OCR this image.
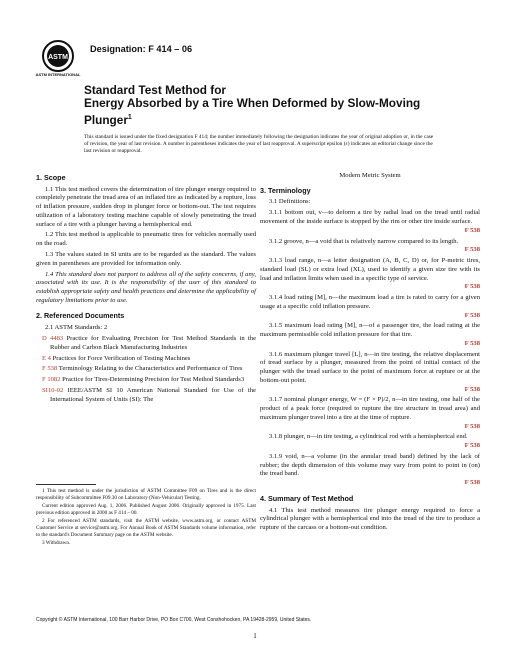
ASTM
ASTM INTERNATIONAL
Designation: F 414 – 06
Standard Test Method for
Energy Absorbed by a Tire When Deformed by Slow-Moving
Plunger$^1$
This standard is issued under the fixed designation F 414; the number immediately following the designation indicates the year of original adoption or, in the case of revision, the year of last revision. A number in parentheses indicates the year of last reapproval. A superscript epsilon (ε) indicates an editorial change since the last revision or reapproval.
1. Scope

1.1 This test method covers the determination of tire plunger energy required to completely penetrate the tread area of an inflated tire as indicated by a rupture, loss of inflation pressure, sudden drop in plunger force or bottom-out. The test requires utilization of a laboratory testing machine capable of slowly penetrating the tread surface of a tire with a plunger having a hemispherical end.

1.2 This test method is applicable to pneumatic tires for vehicles normally used on the road.

1.3 The values stated in SI units are to be regarded as the standard. The values given in parentheses are provided for information only.

1.4 This standard does not purport to address all of the safety concerns, if any, associated with its use. It is the responsibility of the user of this standard to establish appropriate safety and health practices and determine the applicability of regulatory limitations prior to use.

2. Referenced Documents

2.1 ASTM Standards: 2

D 4483 Practice for Evaluating Precision for Test Method Standards in the Rubber and Carbon Black Manufacturing Industries

E 4 Practices for Force Verification of Testing Machines

F 538 Terminology Relating to the Characteristics and Performance of Tires

F 1082 Practice for Tires-Determining Precision for Test Method Standards3

SI10-02 IEEE/ASTM SI 10 American National Standard for Use of the International System of Units (SI): The

Modern Metric System

3. Terminology

3.1 Definitions:

3.1.1 bottom out, v—to deform a tire by radial load on the tread until radial movement of the inside surface is stopped by the rim or other tire inside surface.
F 538

3.1.2 groove, n—a void that is relatively narrow compared to its length.
F 538

3.1.3 load range, n—a letter designation (A, B, C, D) or, for P-metric tires, standard load (SL) or extra load (XL), used to identify a given size tire with its load and inflation limits when used in a specific type of service.
F 538

3.1.4 load rating [M], n—the maximum load a tire is rated to carry for a given usage at a specific cold inflation pressure.
F 538

3.1.5 maximum load rating [M], n—of a passenger tire, the load rating at the maximum permissible cold inflation pressure for that tire.
F 538

3.1.6 maximum plunger travel [L], n—in tire testing, the relative displacement of tread surface by a plunger, measured from the point of initial contact of the plunger with the tread surface to the point of maximum force at rupture or at the bottom-out point.
F 538

3.1.7 nominal plunger energy, W = (F × P)/2, n—in tire testing, one half of the product of a peak force (required to rupture the tire structure in tread area) and maximum plunger travel into a tire at the time of rupture.
F 538

3.1.8 plunger, n—in tire testing, a cylindrical rod with a hemispherical end.
F 538

3.1.9 void, n—a volume (in the annular tread band) defined by the lack of rubber; the depth dimension of this volume may vary from point to point in (on) the tread band.
F 538

4. Summary of Test Method

4.1 This test method measures tire plunger energy required to force a cylindrical plunger with a hemispherical end into the tread of the tire to produce a rupture of the carcass or a bottom-out condition.

1 This test method is under the jurisdiction of ASTM Committee F09 on Tires and is the direct responsibility of Subcommittee F09.30 on Laboratory (Non-Vehicular) Testing.

Current edition approved Aug. 1, 2006. Published August 2006. Originally approved in 1975. Last previous edition approved in 2000 as F 414 – 00.

2 For referenced ASTM standards, visit the ASTM website, www.astm.org, or contact ASTM Customer Service at service@astm.org. For Annual Book of ASTM Standards volume information, refer to the standard's Document Summary page on the ASTM website.

3 Withdrawn.

Copyright © ASTM International, 100 Barr Harbor Drive, PO Box C700, West Conshohocken, PA 19428-2959, United States.
1
